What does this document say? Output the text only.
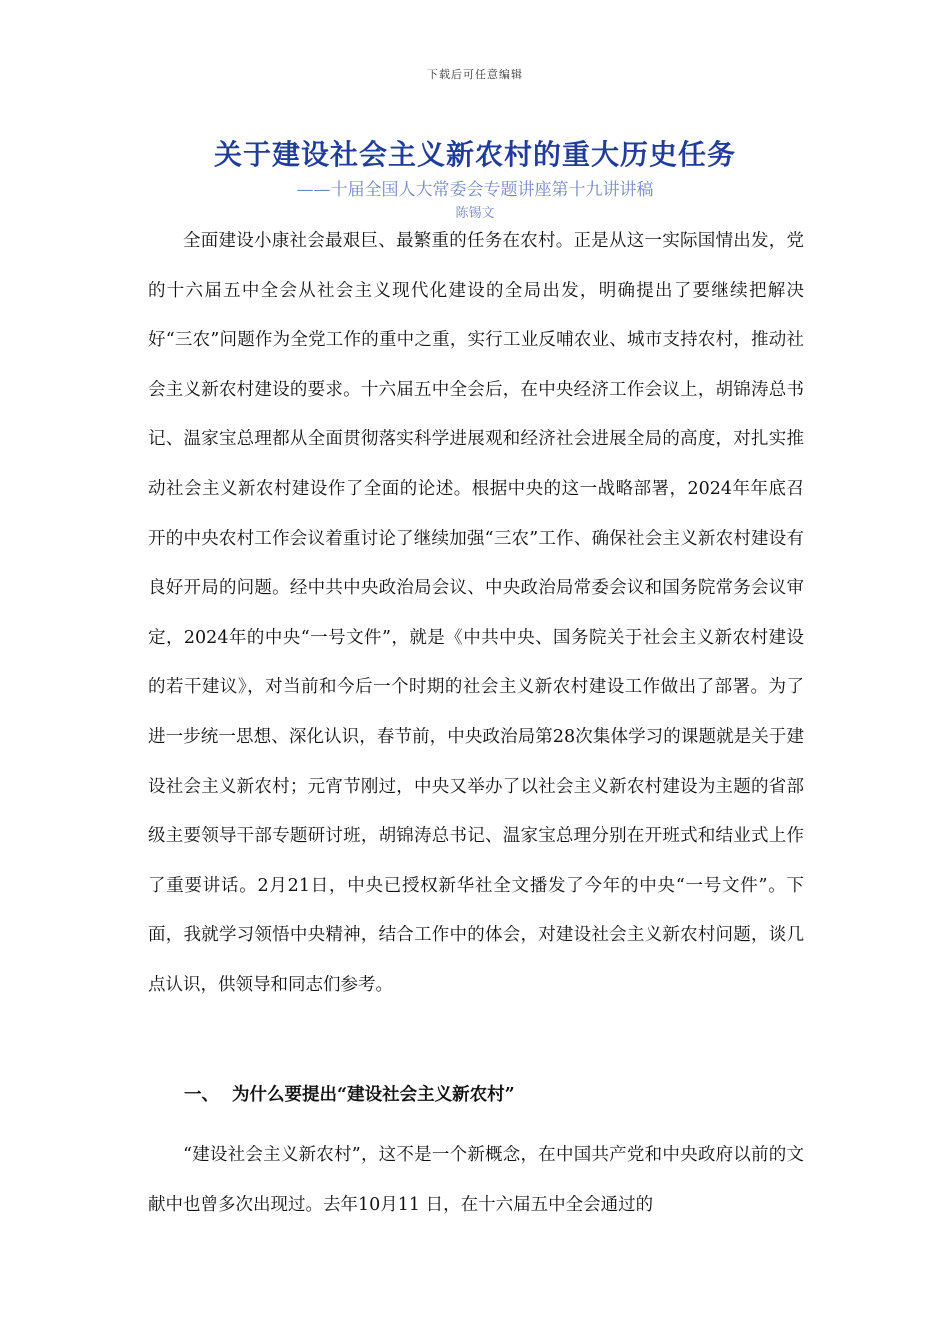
下载后可任意编辑
关于建设社会主义新农村的重大历史任务
——十届全国人大常委会专题讲座第十九讲讲稿
陈锡文

全面建设小康社会最艰巨、最繁重的任务在农村。正是从这一实际国情出发，党的十六届五中全会从社会主义现代化建设的全局出发，明确提出了要继续把解决好“三农”问题作为全党工作的重中之重，实行工业反哺农业、城市支持农村，推动社会主义新农村建设的要求。十六届五中全会后，在中央经济工作会议上，胡锦涛总书记、温家宝总理都从全面贯彻落实科学进展观和经济社会进展全局的高度，对扎实推动社会主义新农村建设作了全面的论述。根据中央的这一战略部署，2024年年底召开的中央农村工作会议着重讨论了继续加强“三农”工作、确保社会主义新农村建设有良好开局的问题。经中共中央政治局会议、中央政治局常委会议和国务院常务会议审定，2024年的中央“一号文件”，就是《中共中央、国务院关于社会主义新农村建设的若干建议》，对当前和今后一个时期的社会主义新农村建设工作做出了部署。为了进一步统一思想、深化认识，春节前，中央政治局第28次集体学习的课题就是关于建设社会主义新农村；元宵节刚过，中央又举办了以社会主义新农村建设为主题的省部级主要领导干部专题研讨班，胡锦涛总书记、温家宝总理分别在开班式和结业式上作了重要讲话。2月21日，中央已授权新华社全文播发了今年的中央“一号文件”。下面，我就学习领悟中央精神，结合工作中的体会，对建设社会主义新农村问题，谈几点认识，供领导和同志们参考。

一、 为什么要提出“建设社会主义新农村”

“建设社会主义新农村”，这不是一个新概念，在中国共产党和中央政府以前的文献中也曾多次出现过。去年10月11 日，在十六届五中全会通过的
